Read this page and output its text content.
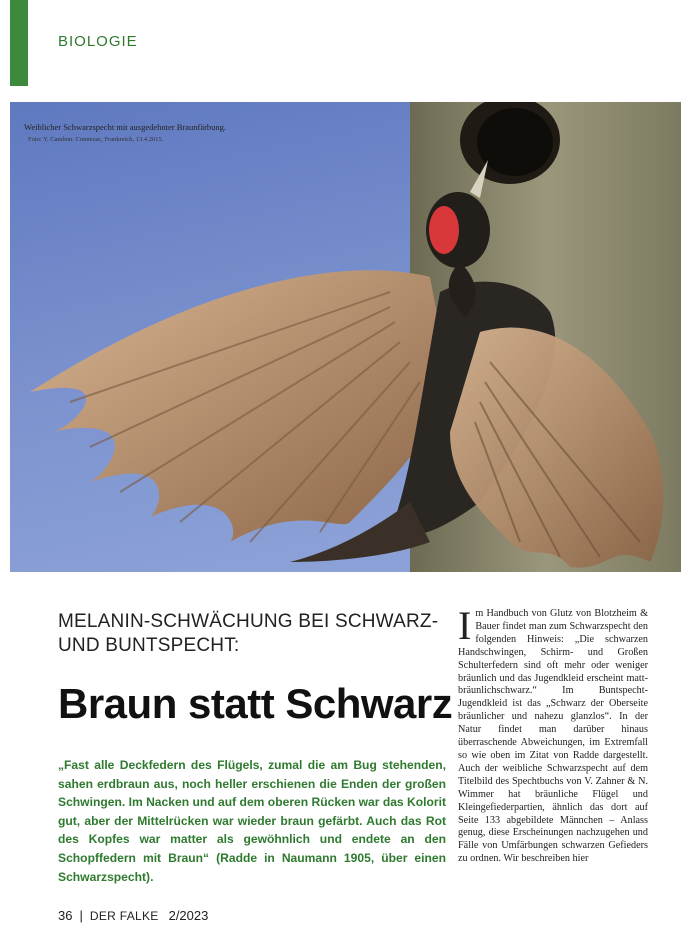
BIOLOGIE
Weiblicher Schwarzspecht mit ausgedehnter Braunfärbung. Foto: Y. Cambon. Connezac, Frankreich, 13.4.2015.
MELANIN-SCHWÄCHUNG BEI SCHWARZ- UND BUNTSPECHT:
Braun statt Schwarz
„Fast alle Deckfedern des Flügels, zumal die am Bug stehenden, sahen erdbraun aus, noch heller erschienen die Enden der großen Schwingen. Im Nacken und auf dem oberen Rücken war das Kolorit gut, aber der Mittelrücken war wieder braun gefärbt. Auch das Rot des Kopfes war matter als gewöhnlich und endete an den Schopffedern mit Braun“ (Radde in Naumann 1905, über einen Schwarzspecht).
Im Handbuch von Glutz von Blotzheim & Bauer findet man zum Schwarzspecht den folgenden Hinweis: „Die schwarzen Handschwingen, Schirm- und Großen Schulterfedern sind oft mehr oder weniger bräunlich und das Jugendkleid erscheint matt-bräunlichschwarz.“ Im Buntspecht-Jugendkleid ist das „Schwarz der Oberseite bräunlicher und nahezu glanzlos“. In der Natur findet man darüber hinaus überraschende Abweichungen, im Extremfall so wie oben im Zitat von Radde dargestellt. Auch der weibliche Schwarzspecht auf dem Titelbild des Spechtbuchs von V. Zahner & N. Wimmer hat bräunliche Flügel und Kleingefiederpartien, ähnlich das dort auf Seite 133 abgebildete Männchen – Anlass genug, diese Erscheinungen nachzugehen und Fälle von Umfärbungen schwarzen Gefieders zu ordnen. Wir beschreiben hier
36 | DER FALKE 2/2023
